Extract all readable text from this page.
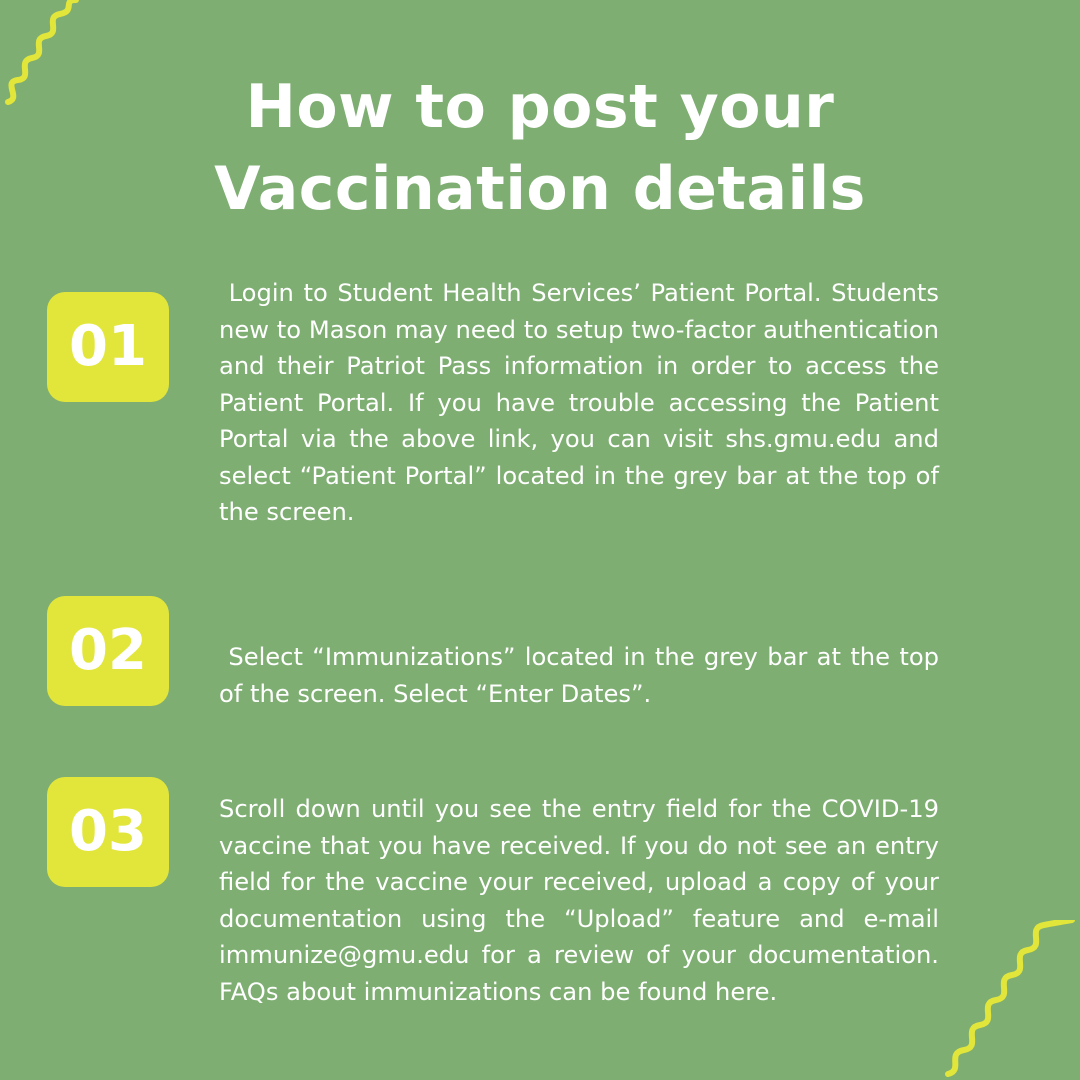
How to post your Vaccination details
01

Login to Student Health Services’ Patient Portal. Students new to Mason may need to setup two-factor authentication and their Patriot Pass information in order to access the Patient Portal. If you have trouble accessing the Patient Portal via the above link, you can visit shs.gmu.edu and select “Patient Portal” located in the grey bar at the top of the screen.

02	Select “Immunizations” located in the grey bar at the top of the screen. Select “Enter Dates”.

03	Scroll down until you see the entry field for the COVID-19 vaccine that you have received. If you do not see an entry field for the vaccine your received, upload a copy of your documentation using the “Upload” feature and e-mail immunize@gmu.edu for a review of your documentation. FAQs about immunizations can be found here.
